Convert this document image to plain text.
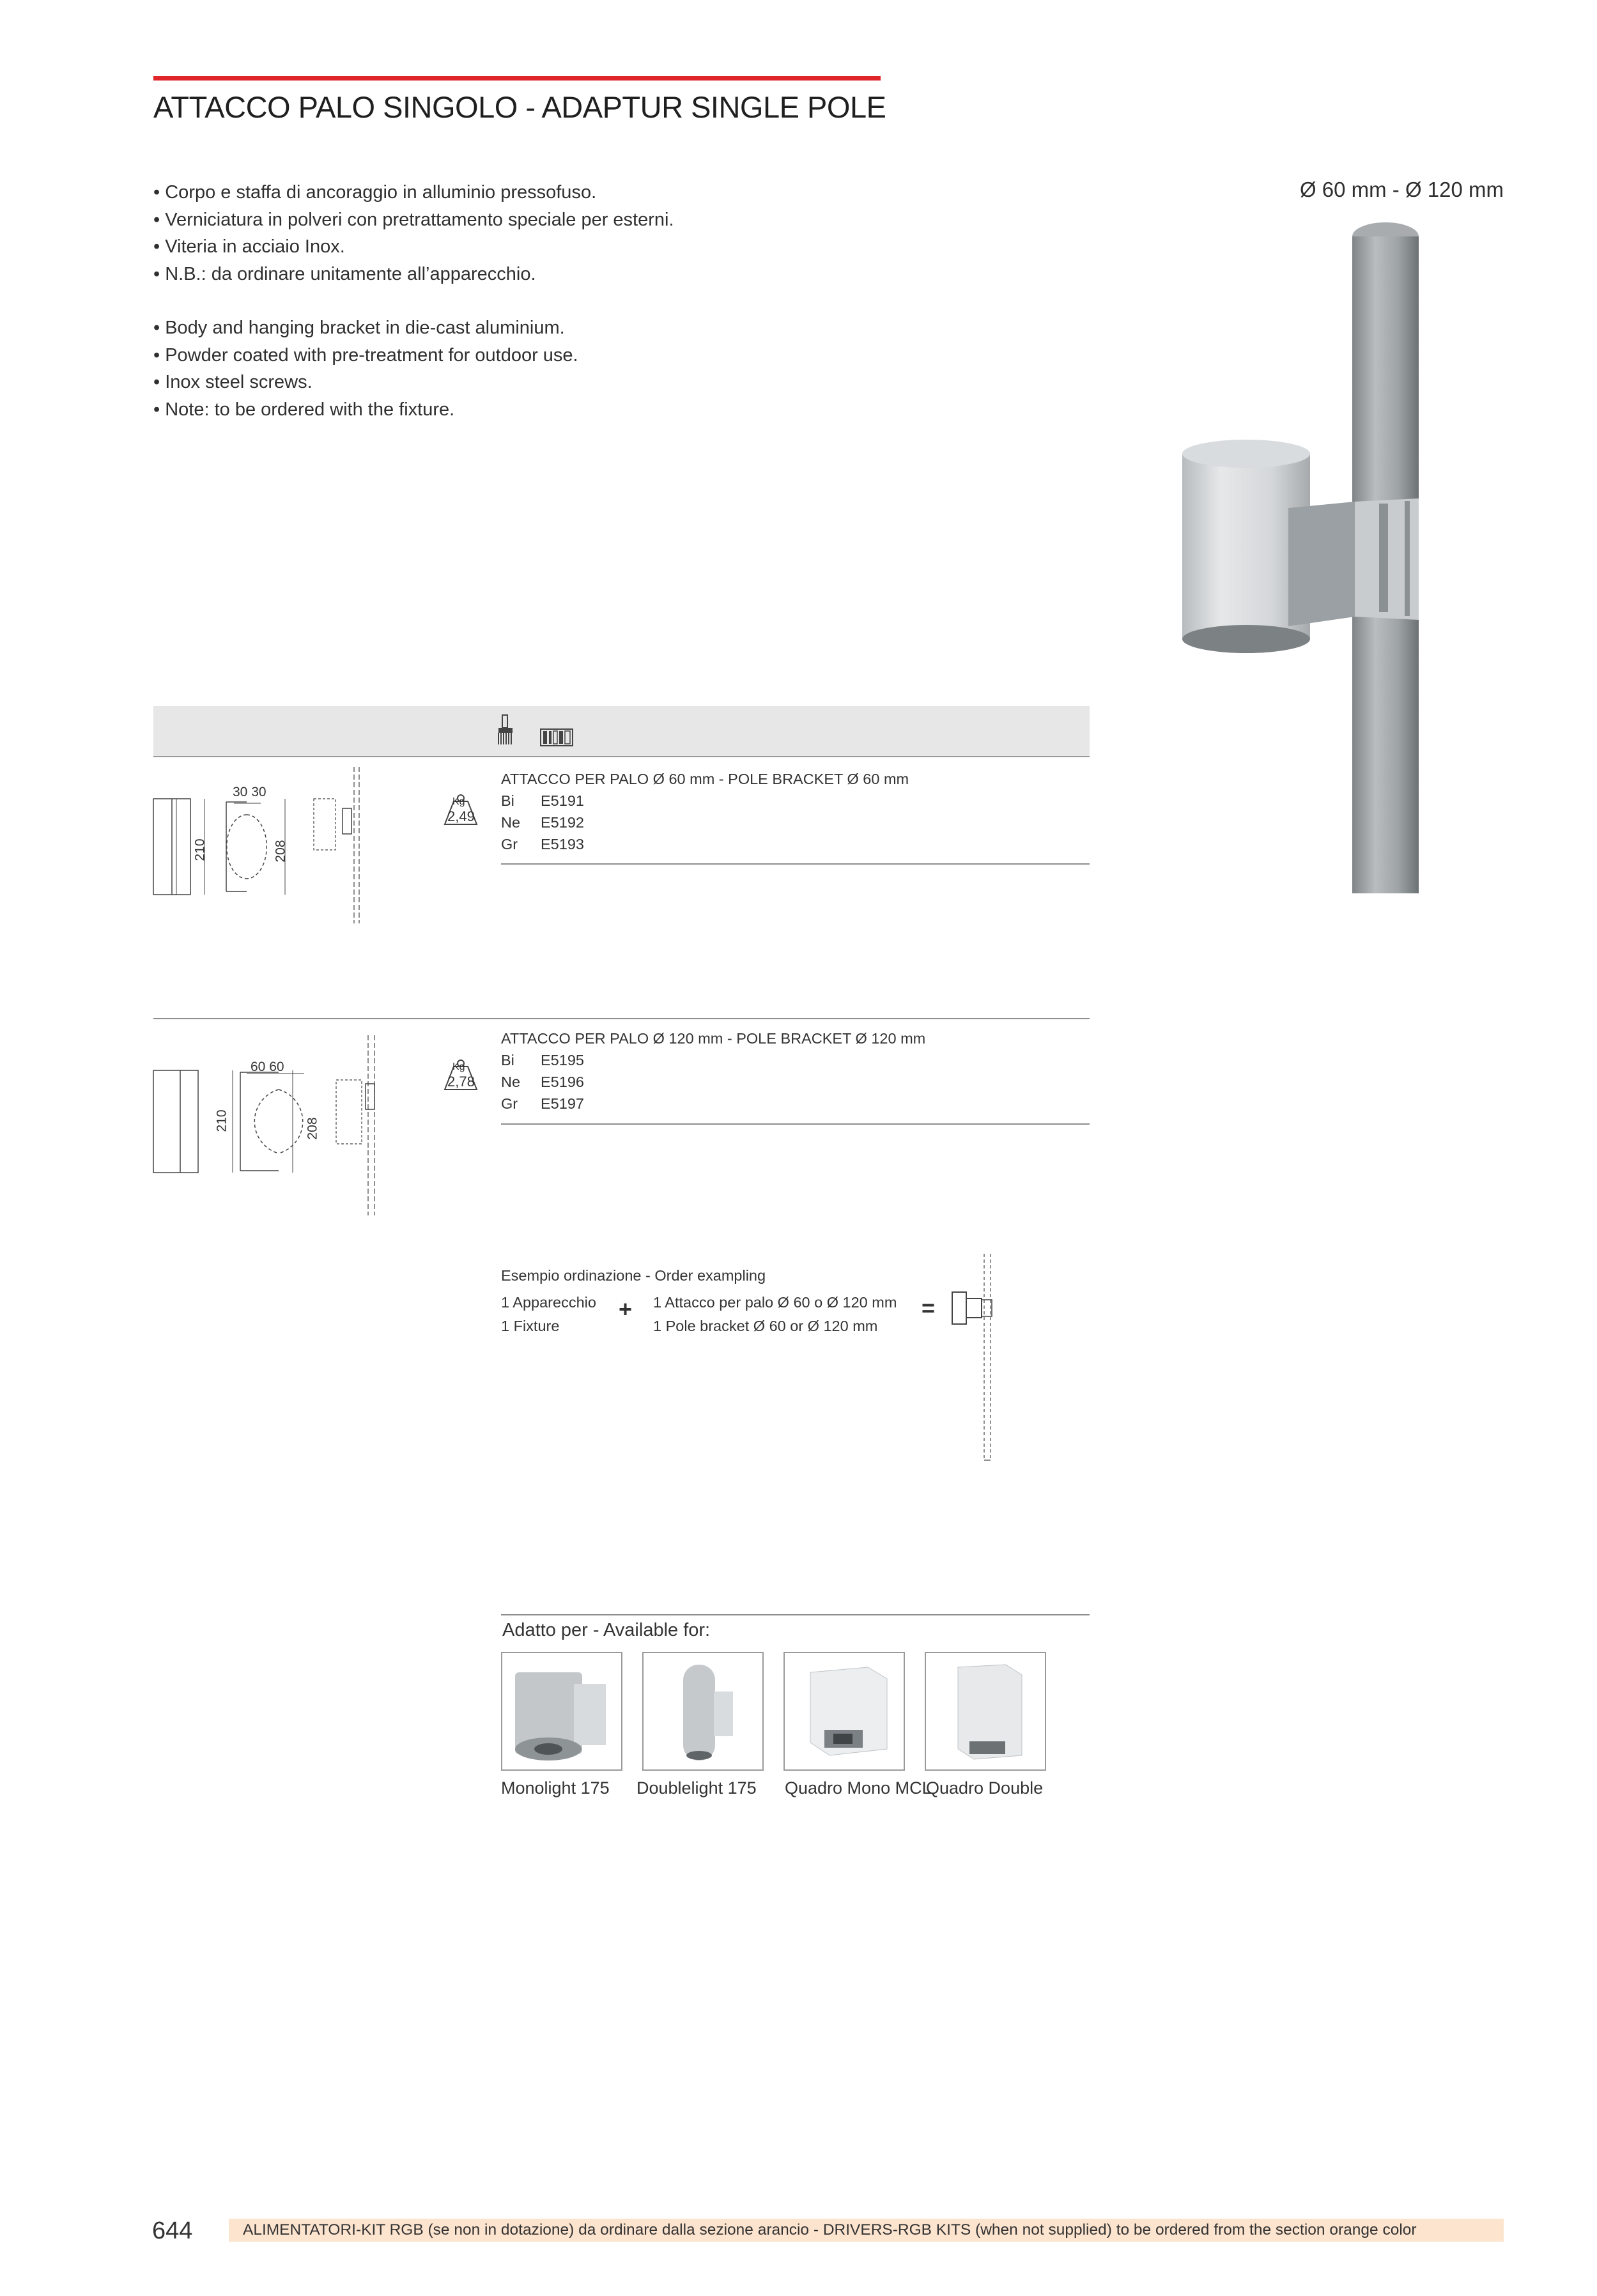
ATTACCO PALO SINGOLO - ADAPTUR SINGLE POLE
• Corpo e staffa di ancoraggio in alluminio pressofuso.
• Verniciatura in polveri con pretrattamento speciale per esterni.
• Viteria in acciaio Inox.
• N.B.: da ordinare unitamente all’apparecchio.
• Body and hanging bracket in die-cast aluminium.
• Powder coated with pre-treatment for outdoor use.
• Inox steel screws.
• Note: to be ordered with the fixture.
Ø 60 mm - Ø 120 mm
30 30
210	208
Kg
2,49
ATTACCO PER PALO Ø 60 mm - POLE BRACKET Ø 60 mm
Bi E5191
Ne E5192
Gr E5193
60 60
210	208
Kg
2,78
ATTACCO PER PALO Ø 120 mm - POLE BRACKET Ø 120 mm
Bi E5195
Ne E5196
Gr E5197
Esempio ordinazione - Order exampling
1 Apparecchio
1 Fixture
+ 1 Attacco per palo Ø 60 o Ø 120 mm
1 Pole bracket Ø 60 or Ø 120 mm
=
Adatto per - Available for:
Monolight 175 Doublelight 175 Quadro Mono MCL
Quadro Double
644	ALIMENTATORI-KIT RGB (se non in dotazione) da ordinare dalla sezione arancio - DRIVERS-RGB KITS (when not supplied) to be ordered from the section orange color
